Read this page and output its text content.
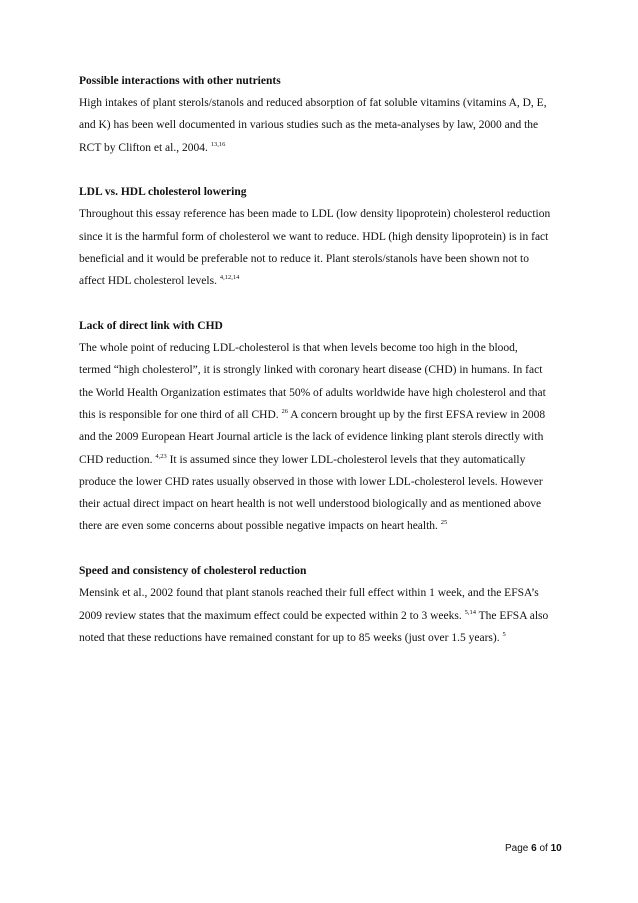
Possible interactions with other nutrients

High intakes of plant sterols/stanols and reduced absorption of fat soluble vitamins (vitamins A, D, E,
and K) has been well documented in various studies such as the meta-analyses by law, 2000 and the
RCT by Clifton et al., 2004. $^{13,16}$

LDL vs. HDL cholesterol lowering

Throughout this essay reference has been made to LDL (low density lipoprotein) cholesterol reduction
since it is the harmful form of cholesterol we want to reduce. HDL (high density lipoprotein) is in fact
beneficial and it would be preferable not to reduce it. Plant sterols/stanols have been shown not to
affect HDL cholesterol levels. $^{4,12,14}$

Lack of direct link with CHD

The whole point of reducing LDL-cholesterol is that when levels become too high in the blood,
termed “high cholesterol”, it is strongly linked with coronary heart disease (CHD) in humans. In fact
the World Health Organization estimates that 50% of adults worldwide have high cholesterol and that
this is responsible for one third of all CHD. $^{26}$ A concern brought up by the first EFSA review in 2008
and the 2009 European Heart Journal article is the lack of evidence linking plant sterols directly with
CHD reduction. $^{4,23}$ It is assumed since they lower LDL-cholesterol levels that they automatically
produce the lower CHD rates usually observed in those with lower LDL-cholesterol levels. However
their actual direct impact on heart health is not well understood biologically and as mentioned above
there are even some concerns about possible negative impacts on heart health. $^{25}$

Speed and consistency of cholesterol reduction

Mensink et al., 2002 found that plant stanols reached their full effect within 1 week, and the EFSA’s
2009 review states that the maximum effect could be expected within 2 to 3 weeks. $^{5,14}$ The EFSA also
noted that these reductions have remained constant for up to 85 weeks (just over 1.5 years). $^5$

Page 6 of 10
